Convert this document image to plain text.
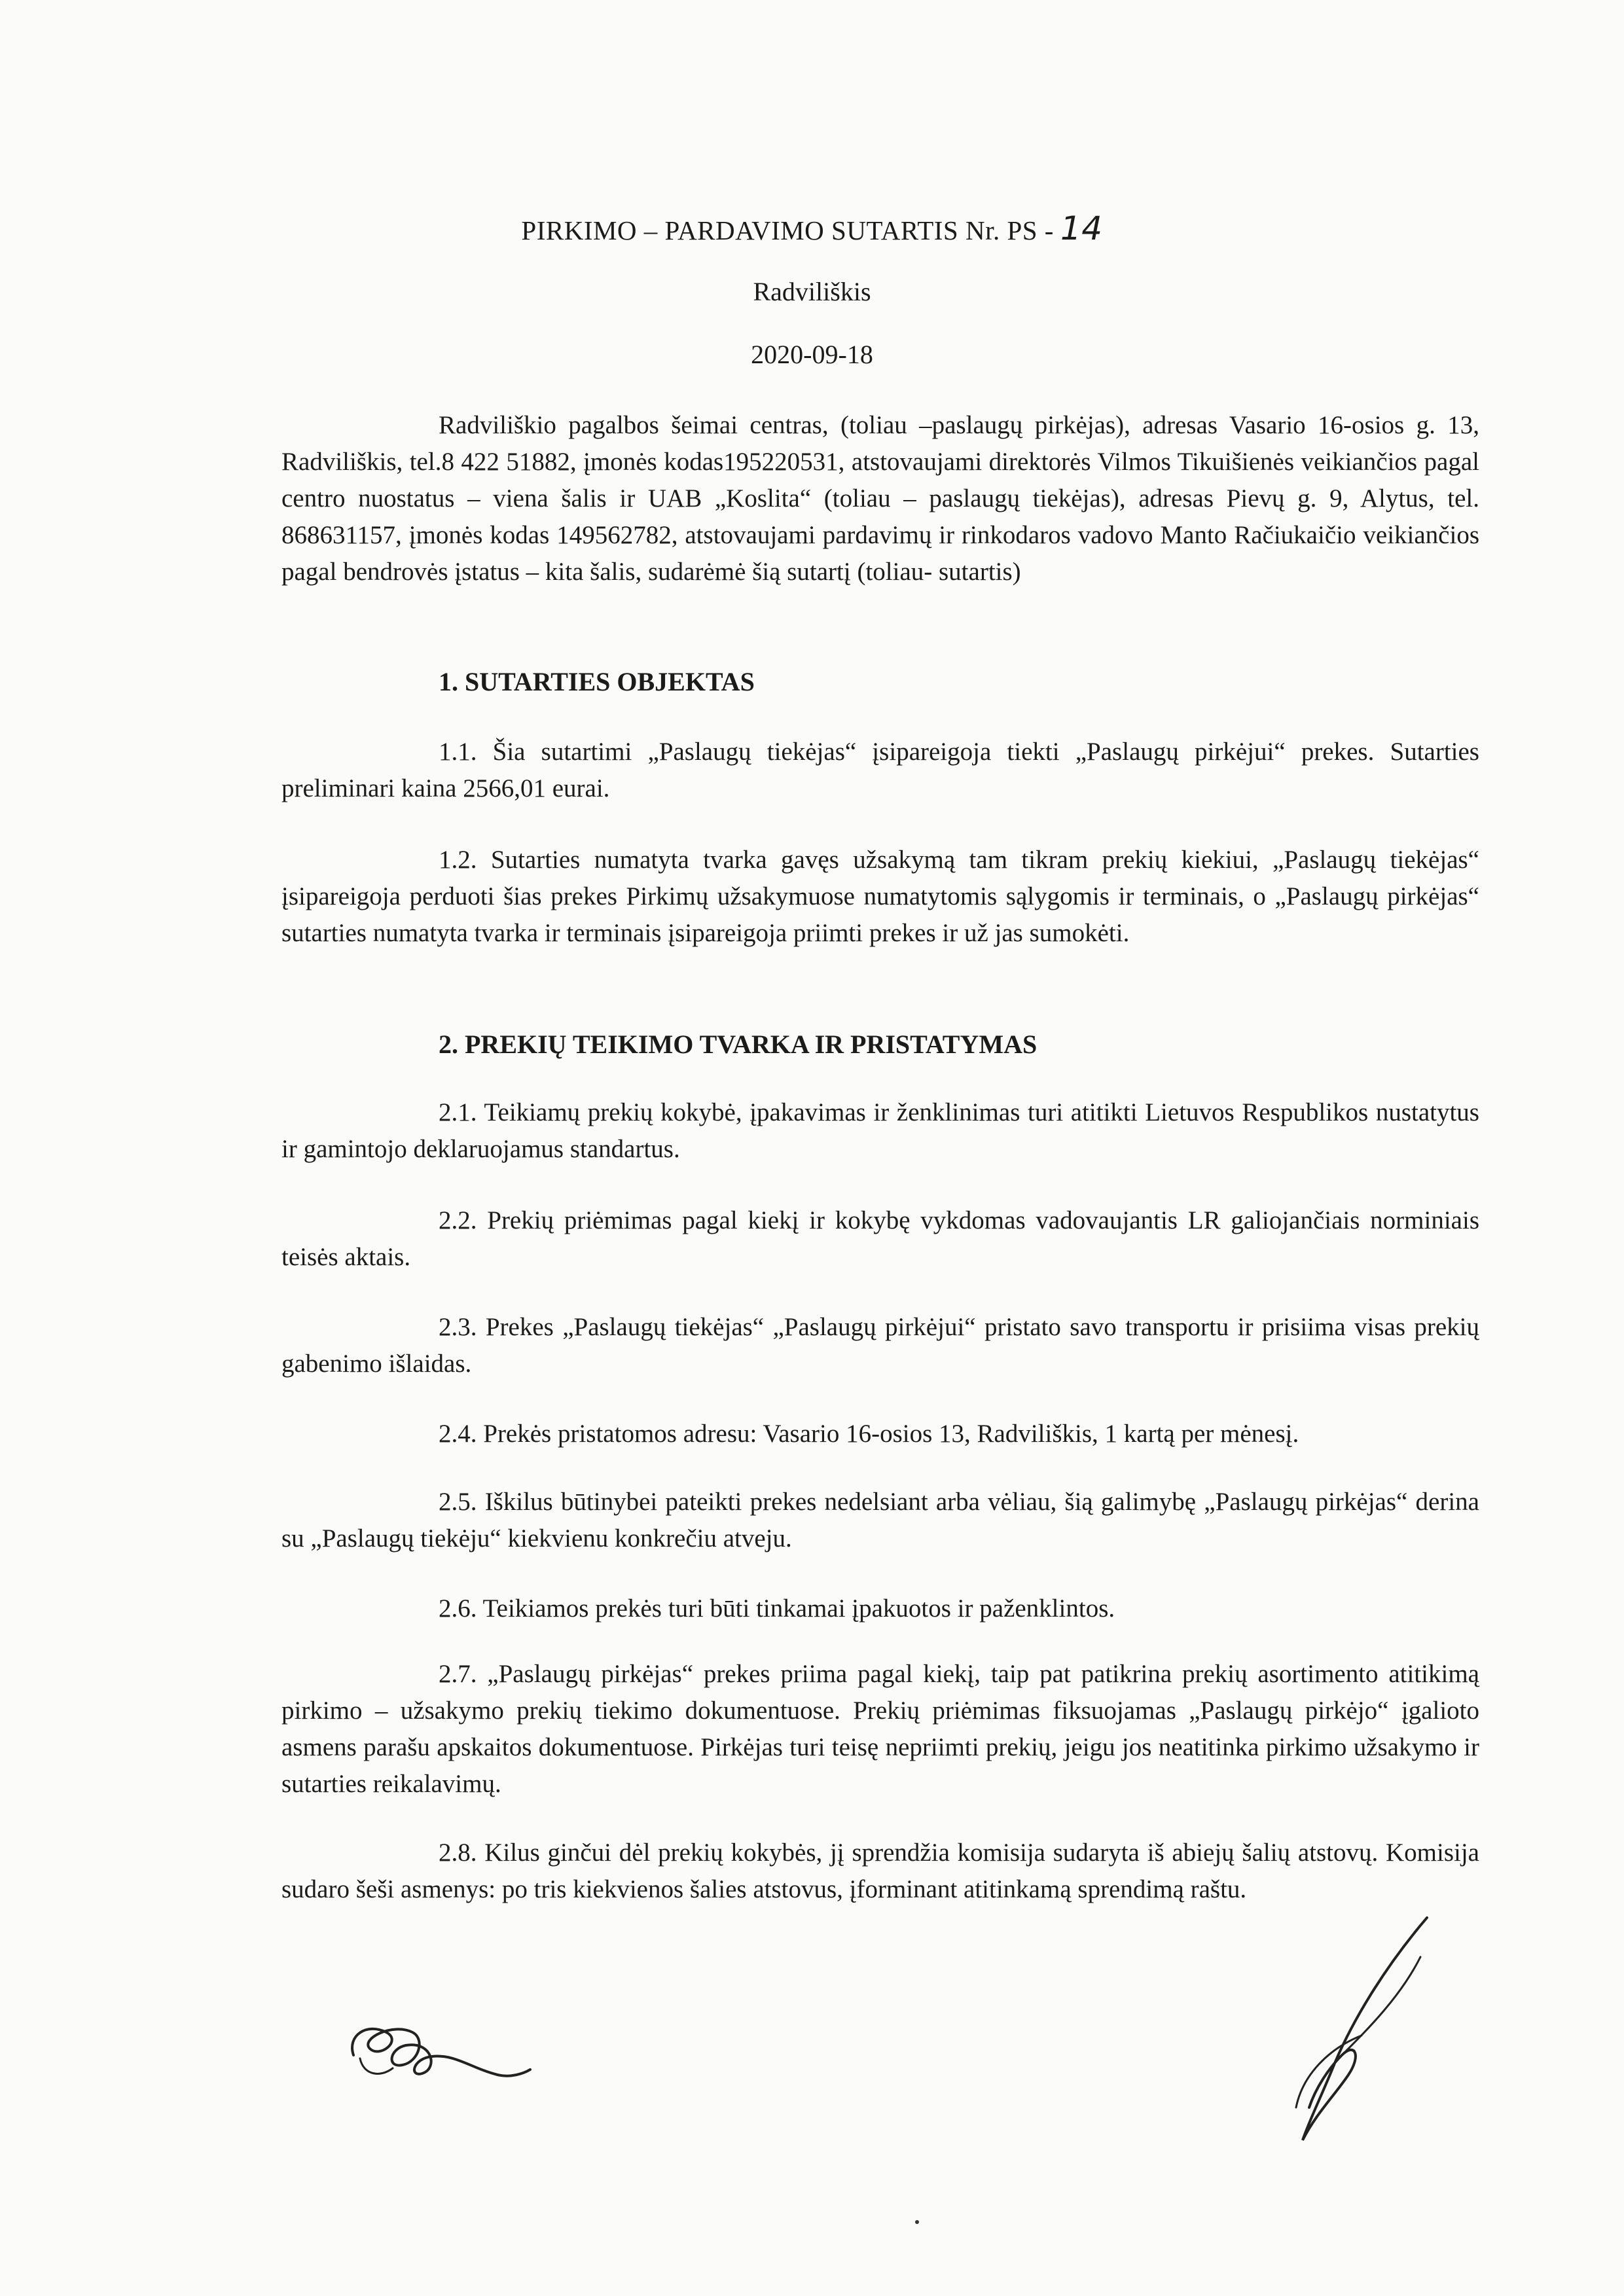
PIRKIMO – PARDAVIMO SUTARTIS Nr. PS - 14
Radviliškis
2020-09-18

Radviliškio pagalbos šeimai centras, (toliau –paslaugų pirkėjas), adresas Vasario 16-osios g. 13, Radviliškis, tel.8 422 51882, įmonės kodas195220531, atstovaujami direktorės Vilmos Tikuišienės veikiančios pagal centro nuostatus – viena šalis ir UAB „Koslita“ (toliau – paslaugų tiekėjas), adresas Pievų g. 9, Alytus, tel. 868631157, įmonės kodas 149562782, atstovaujami pardavimų ir rinkodaros vadovo Manto Račiukaičio veikiančios pagal bendrovės įstatus – kita šalis, sudarėmė šią sutartį (toliau- sutartis)

1. SUTARTIES OBJEKTAS

1.1. Šia sutartimi „Paslaugų tiekėjas“ įsipareigoja tiekti „Paslaugų pirkėjui“ prekes. Sutarties preliminari kaina 2566,01 eurai.

1.2. Sutarties numatyta tvarka gavęs užsakymą tam tikram prekių kiekiui, „Paslaugų tiekėjas“ įsipareigoja perduoti šias prekes Pirkimų užsakymuose numatytomis sąlygomis ir terminais, o „Paslaugų pirkėjas“ sutarties numatyta tvarka ir terminais įsipareigoja priimti prekes ir už jas sumokėti.

2. PREKIŲ TEIKIMO TVARKA IR PRISTATYMAS

2.1. Teikiamų prekių kokybė, įpakavimas ir ženklinimas turi atitikti Lietuvos Respublikos nustatytus ir gamintojo deklaruojamus standartus.

2.2. Prekių priėmimas pagal kiekį ir kokybę vykdomas vadovaujantis LR galiojančiais norminiais teisės aktais.

2.3. Prekes „Paslaugų tiekėjas“ „Paslaugų pirkėjui“ pristato savo transportu ir prisiima visas prekių gabenimo išlaidas.

2.4. Prekės pristatomos adresu: Vasario 16-osios 13, Radviliškis, 1 kartą per mėnesį.

2.5. Iškilus būtinybei pateikti prekes nedelsiant arba vėliau, šią galimybę „Paslaugų pirkėjas“ derina su „Paslaugų tiekėju“ kiekvienu konkrečiu atveju.

2.6. Teikiamos prekės turi būti tinkamai įpakuotos ir paženklintos.

2.7. „Paslaugų pirkėjas“ prekes priima pagal kiekį, taip pat patikrina prekių asortimento atitikimą pirkimo – užsakymo prekių tiekimo dokumentuose. Prekių priėmimas fiksuojamas „Paslaugų pirkėjo“ įgalioto asmens parašu apskaitos dokumentuose. Pirkėjas turi teisę nepriimti prekių, jeigu jos neatitinka pirkimo užsakymo ir sutarties reikalavimų.

2.8. Kilus ginčui dėl prekių kokybės, jį sprendžia komisija sudaryta iš abiejų šalių atstovų. Komisija sudaro šeši asmenys: po tris kiekvienos šalies atstovus, įforminant atitinkamą sprendimą raštu.
